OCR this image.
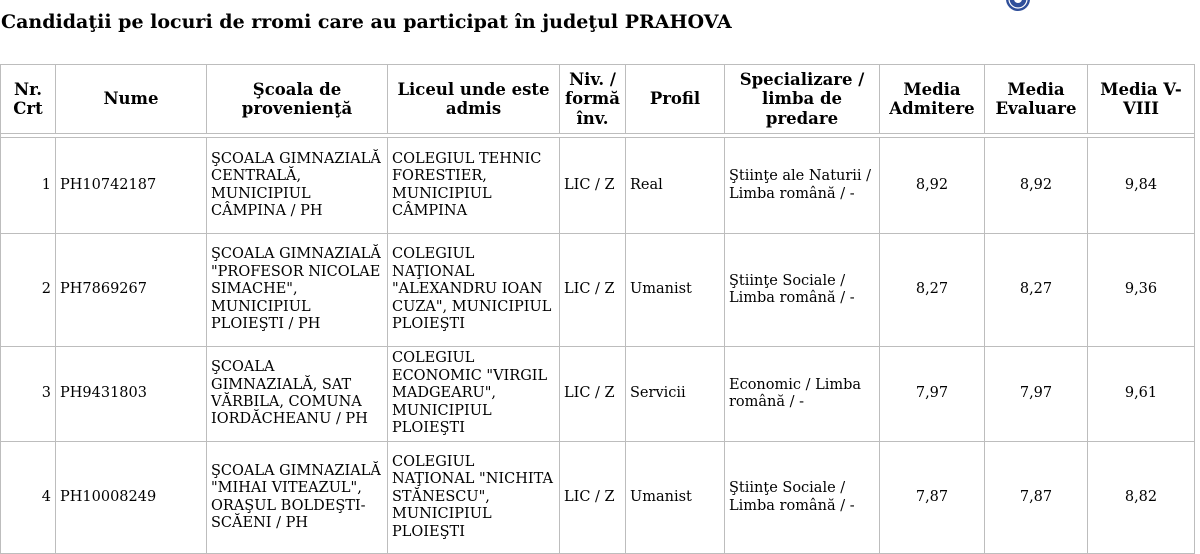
Candidaţii pe locuri de rromi care au participat în judeţul PRAHOVA
Nr. Crt	Nume	Şcoala de provenienţă	Liceul unde este admis	Niv. / formă înv.	Profil	Specializare / limba de predare	Media Admitere	Media Evaluare	Media V-VIII

1	PH10742187	ŞCOALA GIMNAZIALĂ CENTRALĂ, MUNICIPIUL CÂMPINA / PH	COLEGIUL TEHNIC FORESTIER, MUNICIPIUL CÂMPINA	LIC / Z	Real	Ştiinţe ale Naturii / Limba română / -	8,92	8,92	9,84
2	PH7869267	ŞCOALA GIMNAZIALĂ "PROFESOR NICOLAE SIMACHE", MUNICIPIUL PLOIEŞTI / PH	COLEGIUL NAŢIONAL "ALEXANDRU IOAN CUZA", MUNICIPIUL PLOIEŞTI	LIC / Z	Umanist	Ştiinţe Sociale / Limba română / -	8,27	8,27	9,36
3	PH9431803	ŞCOALA GIMNAZIALĂ, SAT VĂRBILA, COMUNA IORDĂCHEANU / PH	COLEGIUL ECONOMIC "VIRGIL MADGEARU", MUNICIPIUL PLOIEŞTI	LIC / Z	Servicii	Economic / Limba română / -	7,97	7,97	9,61
4	PH10008249	ŞCOALA GIMNAZIALĂ "MIHAI VITEAZUL", ORAŞUL BOLDEŞTI-SCĂENI / PH	COLEGIUL NAŢIONAL "NICHITA STĂNESCU", MUNICIPIUL PLOIEŞTI	LIC / Z	Umanist	Ştiinţe Sociale / Limba română / -	7,87	7,87	8,82
